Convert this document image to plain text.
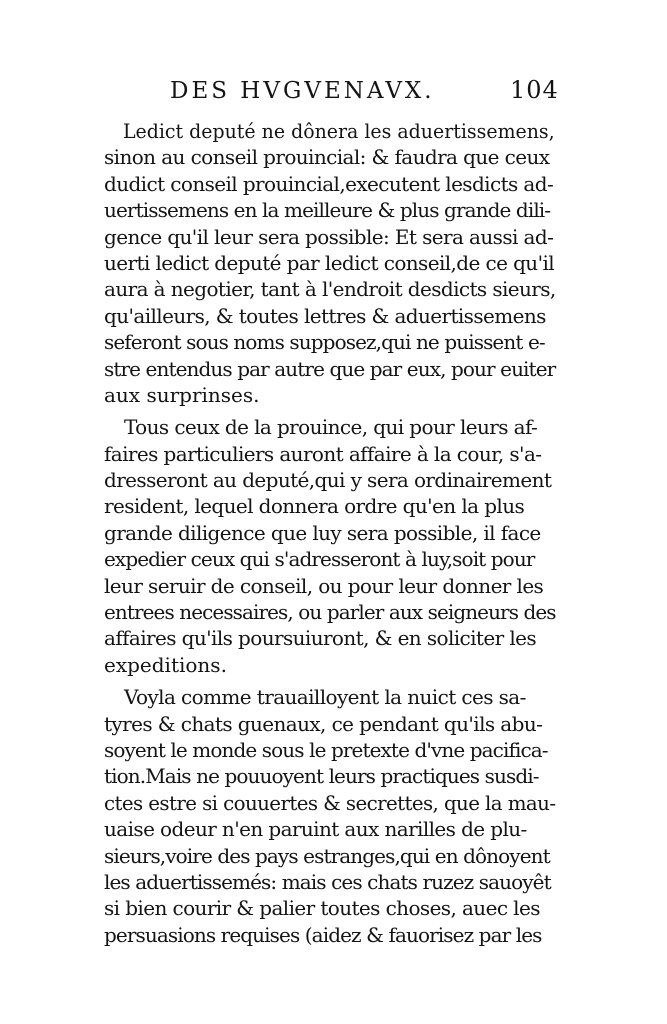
DES HVGVENAVX.	104
Ledict deputé ne dônera les aduertissemens,
sinon au conseil prouincial: & faudra que ceux
dudict conseil prouincial,executent lesdicts ad-
uertissemens en la meilleure & plus grande dili-
gence qu'il leur sera possible: Et sera aussi ad-
uerti ledict deputé par ledict conseil,de ce qu'il
aura à negotier, tant à l'endroit desdicts sieurs,
qu'ailleurs, & toutes lettres & aduertissemens
seferont sous noms supposez,qui ne puissent e-
stre entendus par autre que par eux, pour euiter
aux surprinses.
Tous ceux de la prouince, qui pour leurs af-
faires particuliers auront affaire à la cour, s'a-
dresseront au deputé,qui y sera ordinairement
resident, lequel donnera ordre qu'en la plus
grande diligence que luy sera possible, il face
expedier ceux qui s'adresseront à luy,soit pour
leur seruir de conseil, ou pour leur donner les
entrees necessaires, ou parler aux seigneurs des
affaires qu'ils poursuiuront, & en soliciter les
expeditions.
Voyla comme trauailloyent la nuict ces sa-
tyres & chats guenaux, ce pendant qu'ils abu-
soyent le monde sous le pretexte d'vne pacifica-
tion.Mais ne pouuoyent leurs practiques susdi-
ctes estre si couuertes & secrettes, que la mau-
uaise odeur n'en paruint aux narilles de plu-
sieurs,voire des pays estranges,qui en dônoyent
les aduertissemés: mais ces chats ruzez sauoyêt
si bien courir & palier toutes choses, auec les
persuasions requises (aidez & fauorisez par les
